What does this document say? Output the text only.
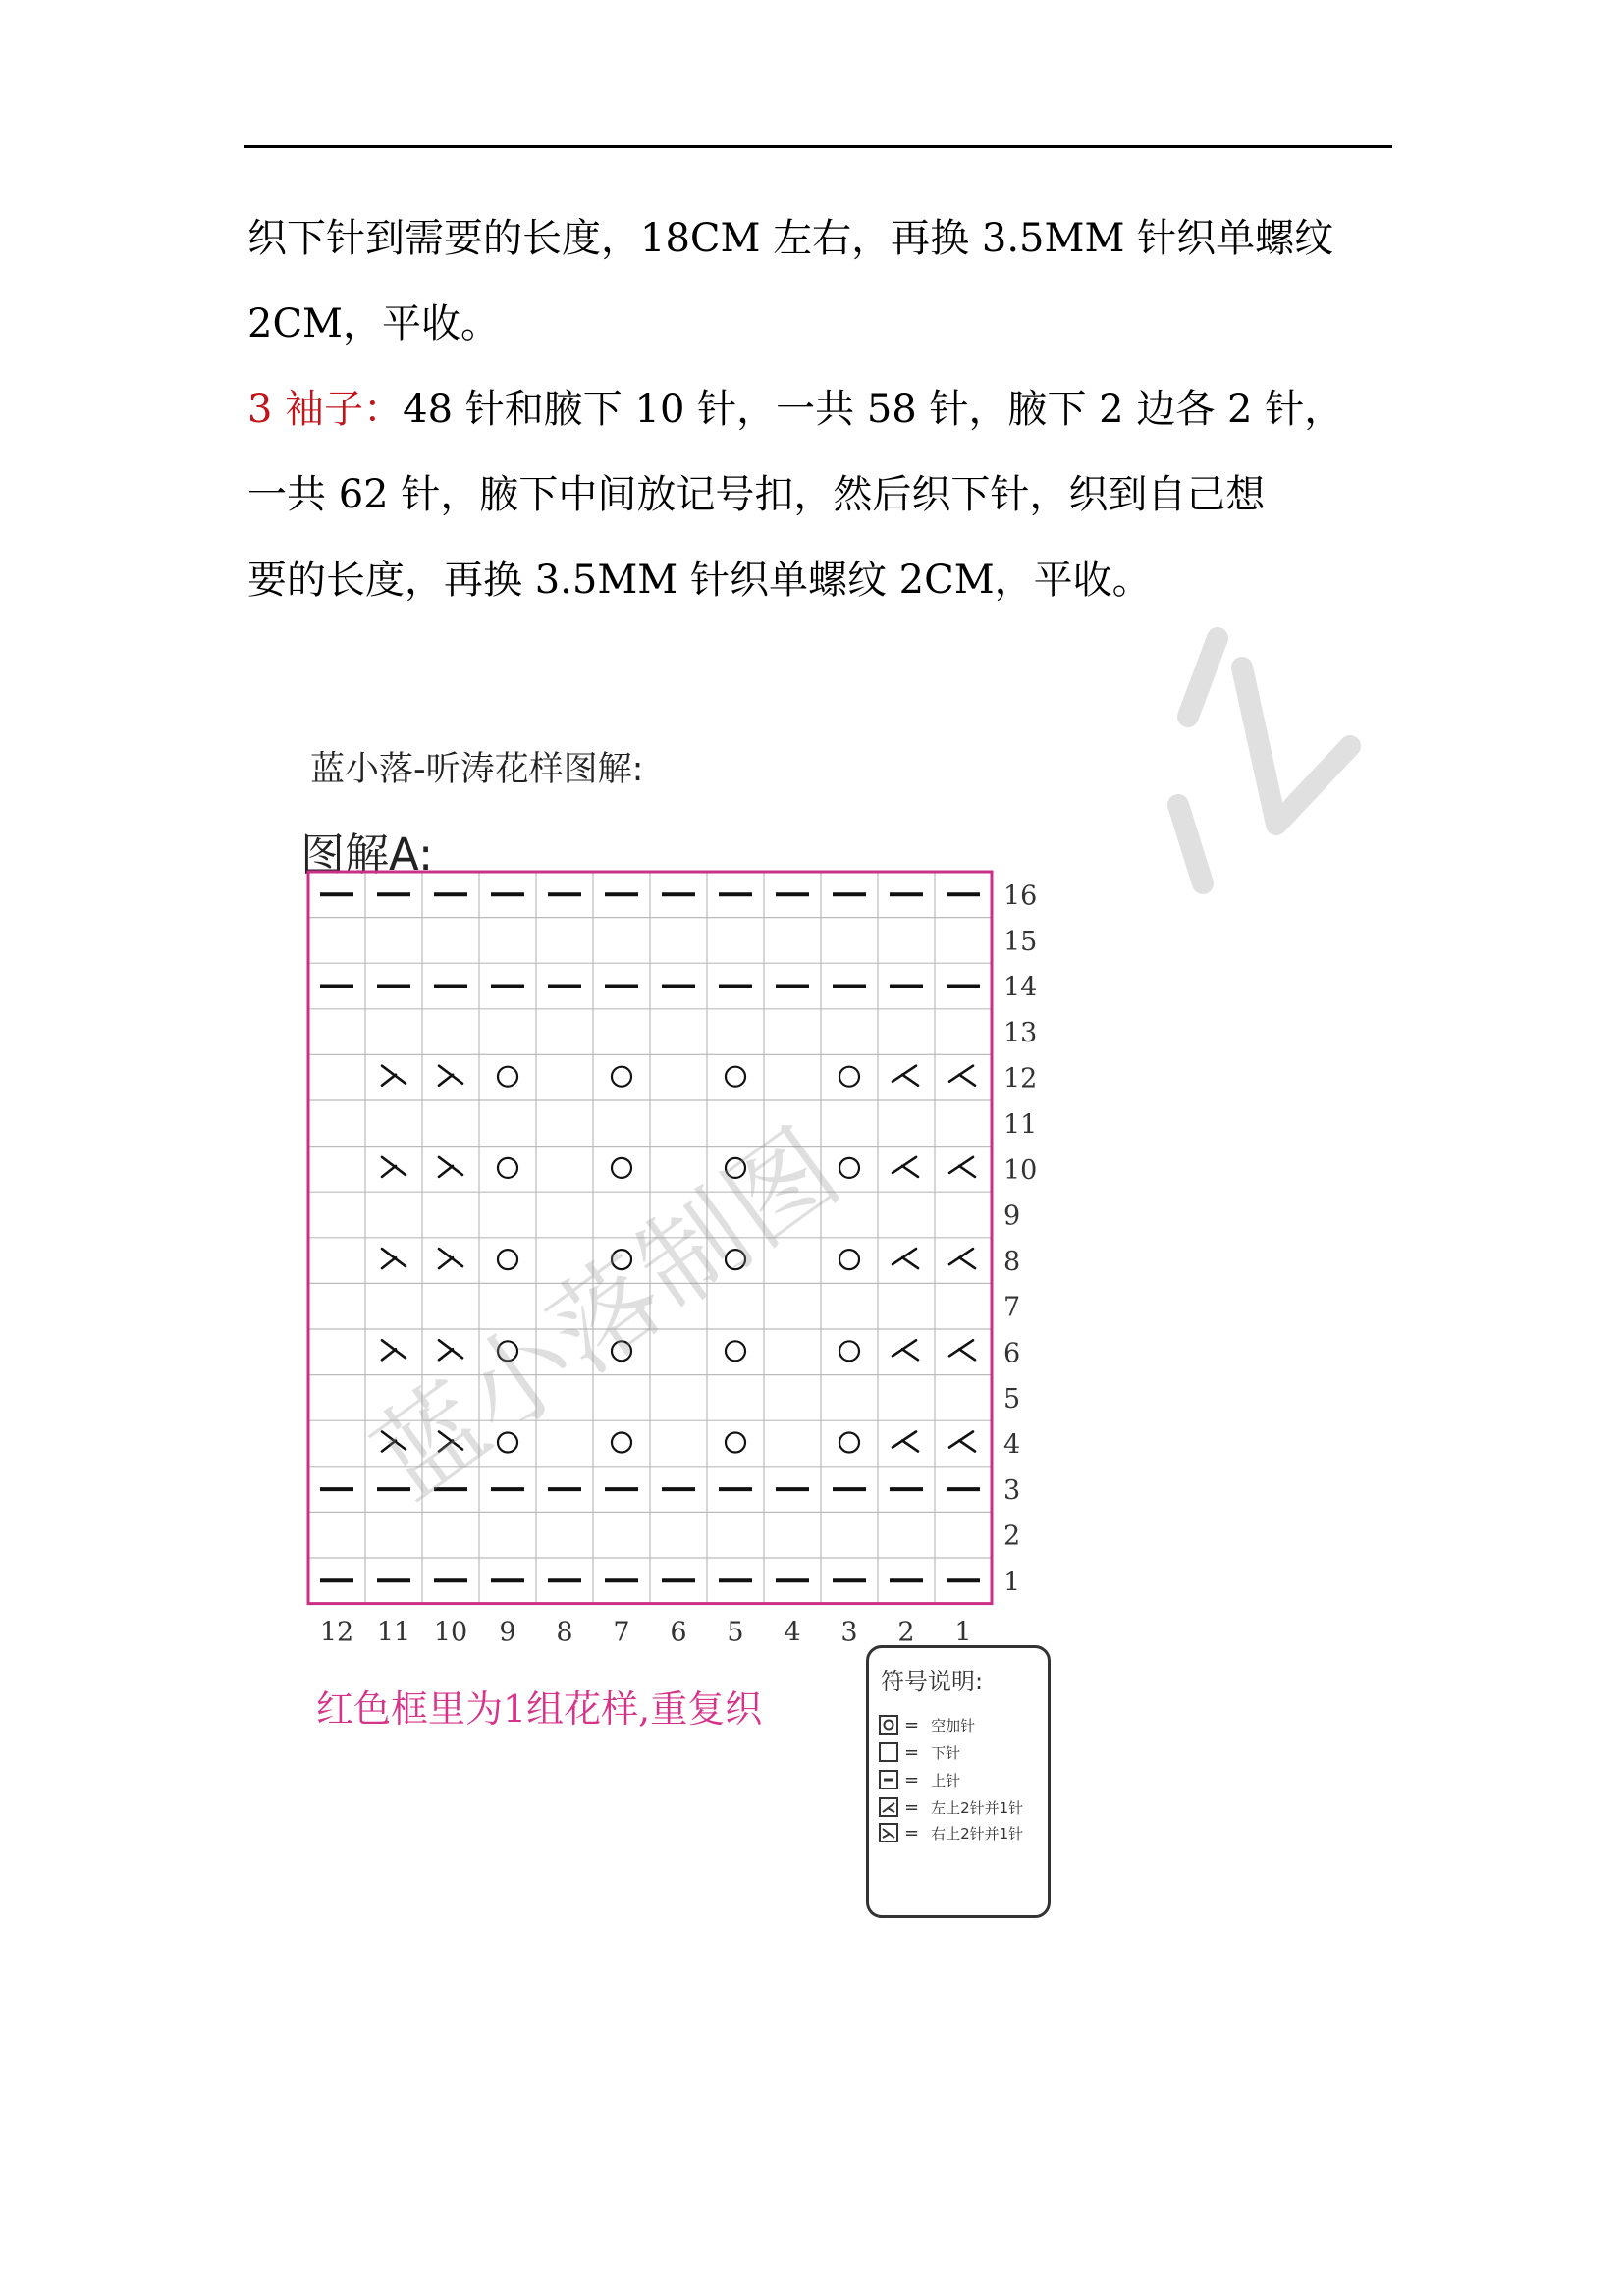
织下针到需要的长度，18CM 左右，再换 3.5MM 针织单螺纹

2CM，平收。

3 袖子：48 针和腋下 10 针，一共 58 针，腋下 2 边各 2 针，

一共 62 针，腋下中间放记号扣，然后织下针，织到自己想

要的长度，再换 3.5MM 针织单螺纹 2CM，平收。

蓝小落-听涛花样图解:
图解A:
16
15
14
13
12
11
10
9
8
7
6
5
4
3
2
1
12 11 10 9 8 7 6 5 4 3 2 1
蓝小落制图
红色框里为1组花样,重复织
符号说明:
= 空加针
= 下针
= 上针
= 左上2针并1针
= 右上2针并1针
